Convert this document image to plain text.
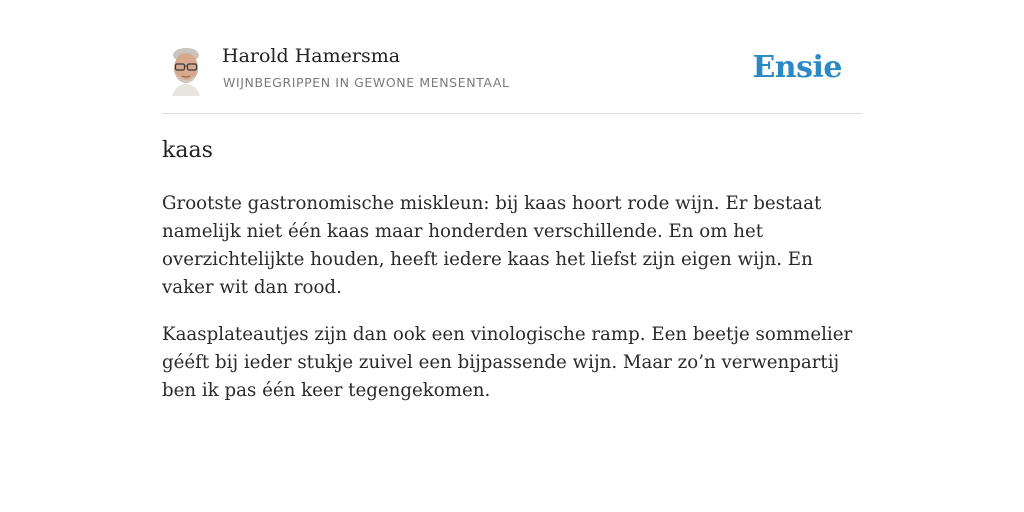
Harold Hamersma
WIJNBEGRIPPEN IN GEWONE MENSENTAAL	Ensie
kaas

Grootste gastronomische miskleun: bij kaas hoort rode wijn. Er bestaat namelijk niet één kaas maar honderden verschillende. En om het overzichtelijkte houden, heeft iedere kaas het liefst zijn eigen wijn. En vaker wit dan rood.

Kaasplateautjes zijn dan ook een vinologische ramp. Een beetje sommelier gééft bij ieder stukje zuivel een bijpassende wijn. Maar zo’n verwenpartij ben ik pas één keer tegengekomen.
